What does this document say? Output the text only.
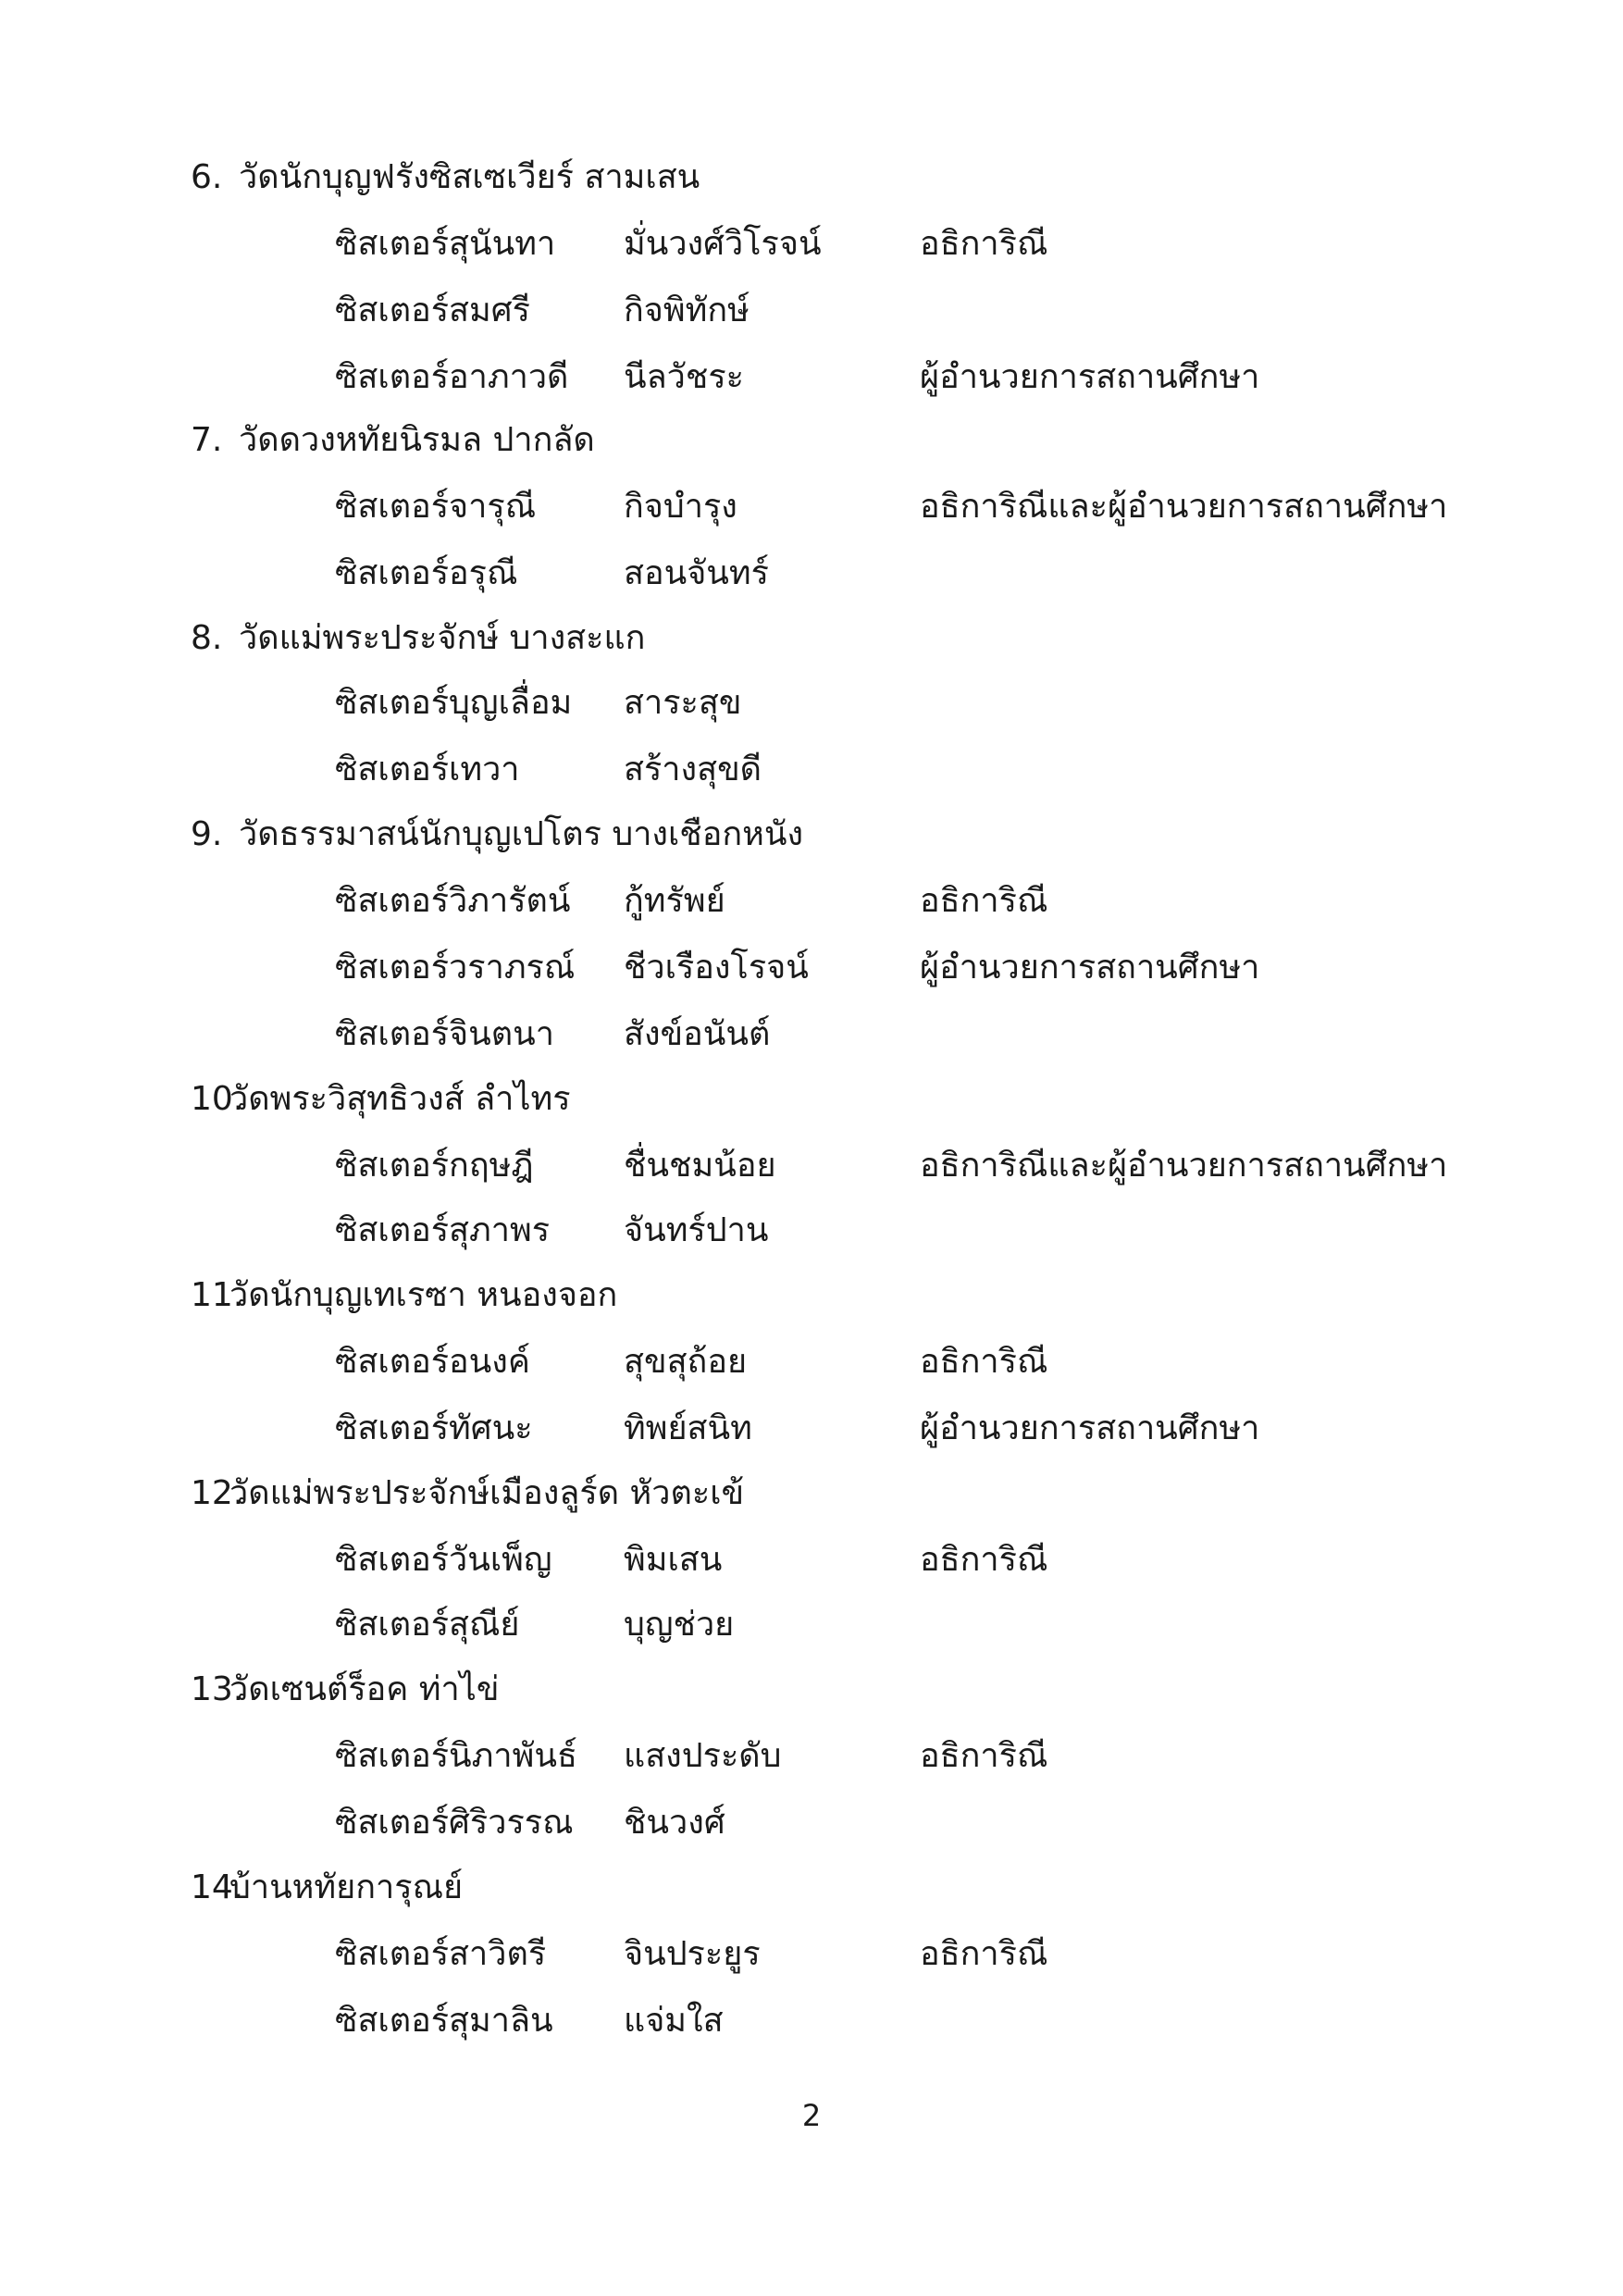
6. วัดนักบุญฟรังซิสเซเวียร์ สามเสน
ซิสเตอร์สุนันทา มั่นวงศ์วิโรจน์	อธิการิณี
ซิสเตอร์สมศรี	กิจพิทักษ์
ซิสเตอร์อาภาวดี นีลวัชระ	ผู้อำนวยการสถานศึกษา
7. วัดดวงหทัยนิรมล ปากลัด
ซิสเตอร์จารุณี	กิจบำรุง	อธิการิณีและผู้อำนวยการสถานศึกษา
ซิสเตอร์อรุณี	สอนจันทร์
8. วัดแม่พระประจักษ์ บางสะแก
ซิสเตอร์บุญเลื่อม สาระสุข
ซิสเตอร์เทวา	สร้างสุขดี
9. วัดธรรมาสน์นักบุญเปโตร บางเชือกหนัง
ซิสเตอร์วิภารัตน์ กู้ทรัพย์	อธิการิณี
ซิสเตอร์วราภรณ์ ชีวเรืองโรจน์	ผู้อำนวยการสถานศึกษา
ซิสเตอร์จินตนา สังข์อนันต์
10.
วัดพระวิสุทธิวงส์ ลำไทร
ซิสเตอร์กฤษฎี	ชื่นชมน้อย	อธิการิณีและผู้อำนวยการสถานศึกษา
ซิสเตอร์สุภาพร จันทร์ปาน
11.
วัดนักบุญเทเรซา หนองจอก
ซิสเตอร์อนงค์	สุขสุถ้อย	อธิการิณี
ซิสเตอร์ทัศนะ	ทิพย์สนิท	ผู้อำนวยการสถานศึกษา
12.
วัดแม่พระประจักษ์เมืองลูร์ด หัวตะเข้
ซิสเตอร์วันเพ็ญ พิมเสน	อธิการิณี
ซิสเตอร์สุณีย์	บุญช่วย
13.
วัดเซนต์ร็อค ท่าไข่
ซิสเตอร์นิภาพันธ์ แสงประดับ	อธิการิณี
ซิสเตอร์ศิริวรรณ ชินวงศ์
14.
บ้านหทัยการุณย์
ซิสเตอร์สาวิตรี จินประยูร	อธิการิณี
ซิสเตอร์สุมาลิน แจ่มใส
2
